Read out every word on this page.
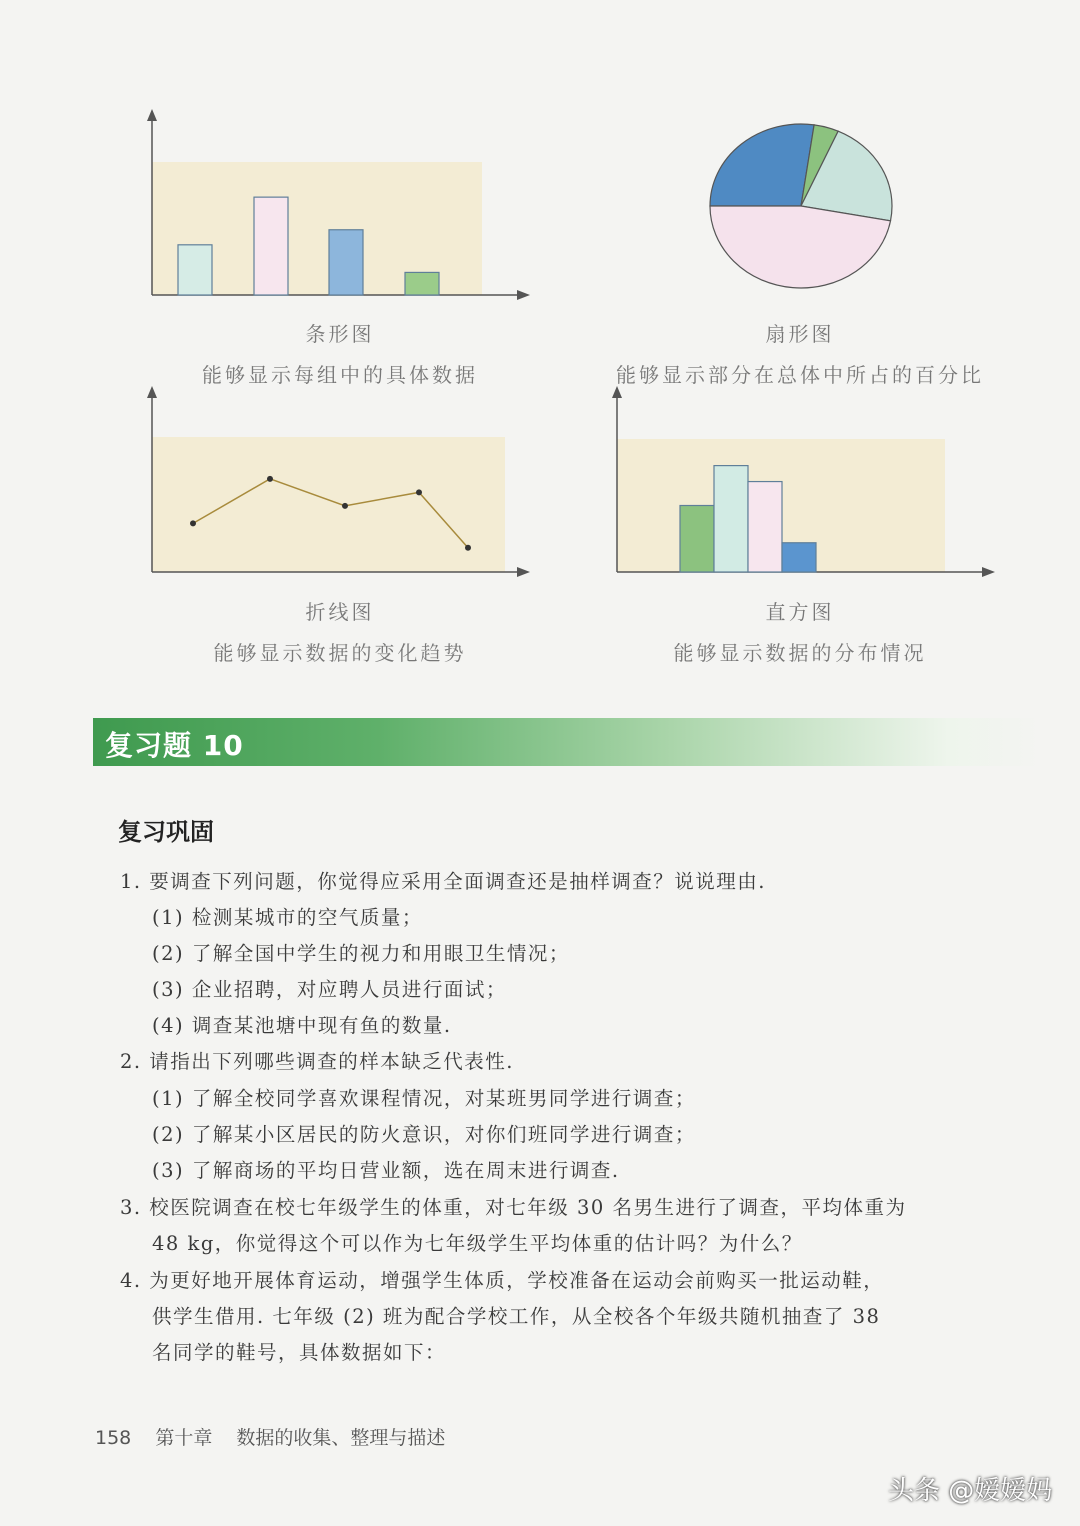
条形图
能够显示每组中的具体数据
扇形图
能够显示部分在总体中所占的百分比
折线图
能够显示数据的变化趋势
直方图
能够显示数据的分布情况
复习题 10
复习巩固
1. 要调查下列问题，你觉得应采用全面调查还是抽样调查？说说理由.
(1) 检测某城市的空气质量；
(2) 了解全国中学生的视力和用眼卫生情况；
(3) 企业招聘，对应聘人员进行面试；
(4) 调查某池塘中现有鱼的数量.
2. 请指出下列哪些调查的样本缺乏代表性.
(1) 了解全校同学喜欢课程情况，对某班男同学进行调查；
(2) 了解某小区居民的防火意识，对你们班同学进行调查；
(3) 了解商场的平均日营业额，选在周末进行调查.
3. 校医院调查在校七年级学生的体重，对七年级 30 名男生进行了调查，平均体重为
48 kg，你觉得这个可以作为七年级学生平均体重的估计吗？为什么？
4. 为更好地开展体育运动，增强学生体质，学校准备在运动会前购买一批运动鞋，
供学生借用. 七年级 (2) 班为配合学校工作，从全校各个年级共随机抽查了 38
名同学的鞋号，具体数据如下：
158 第十章 数据的收集、整理与描述
头条 @嫒嫒妈
